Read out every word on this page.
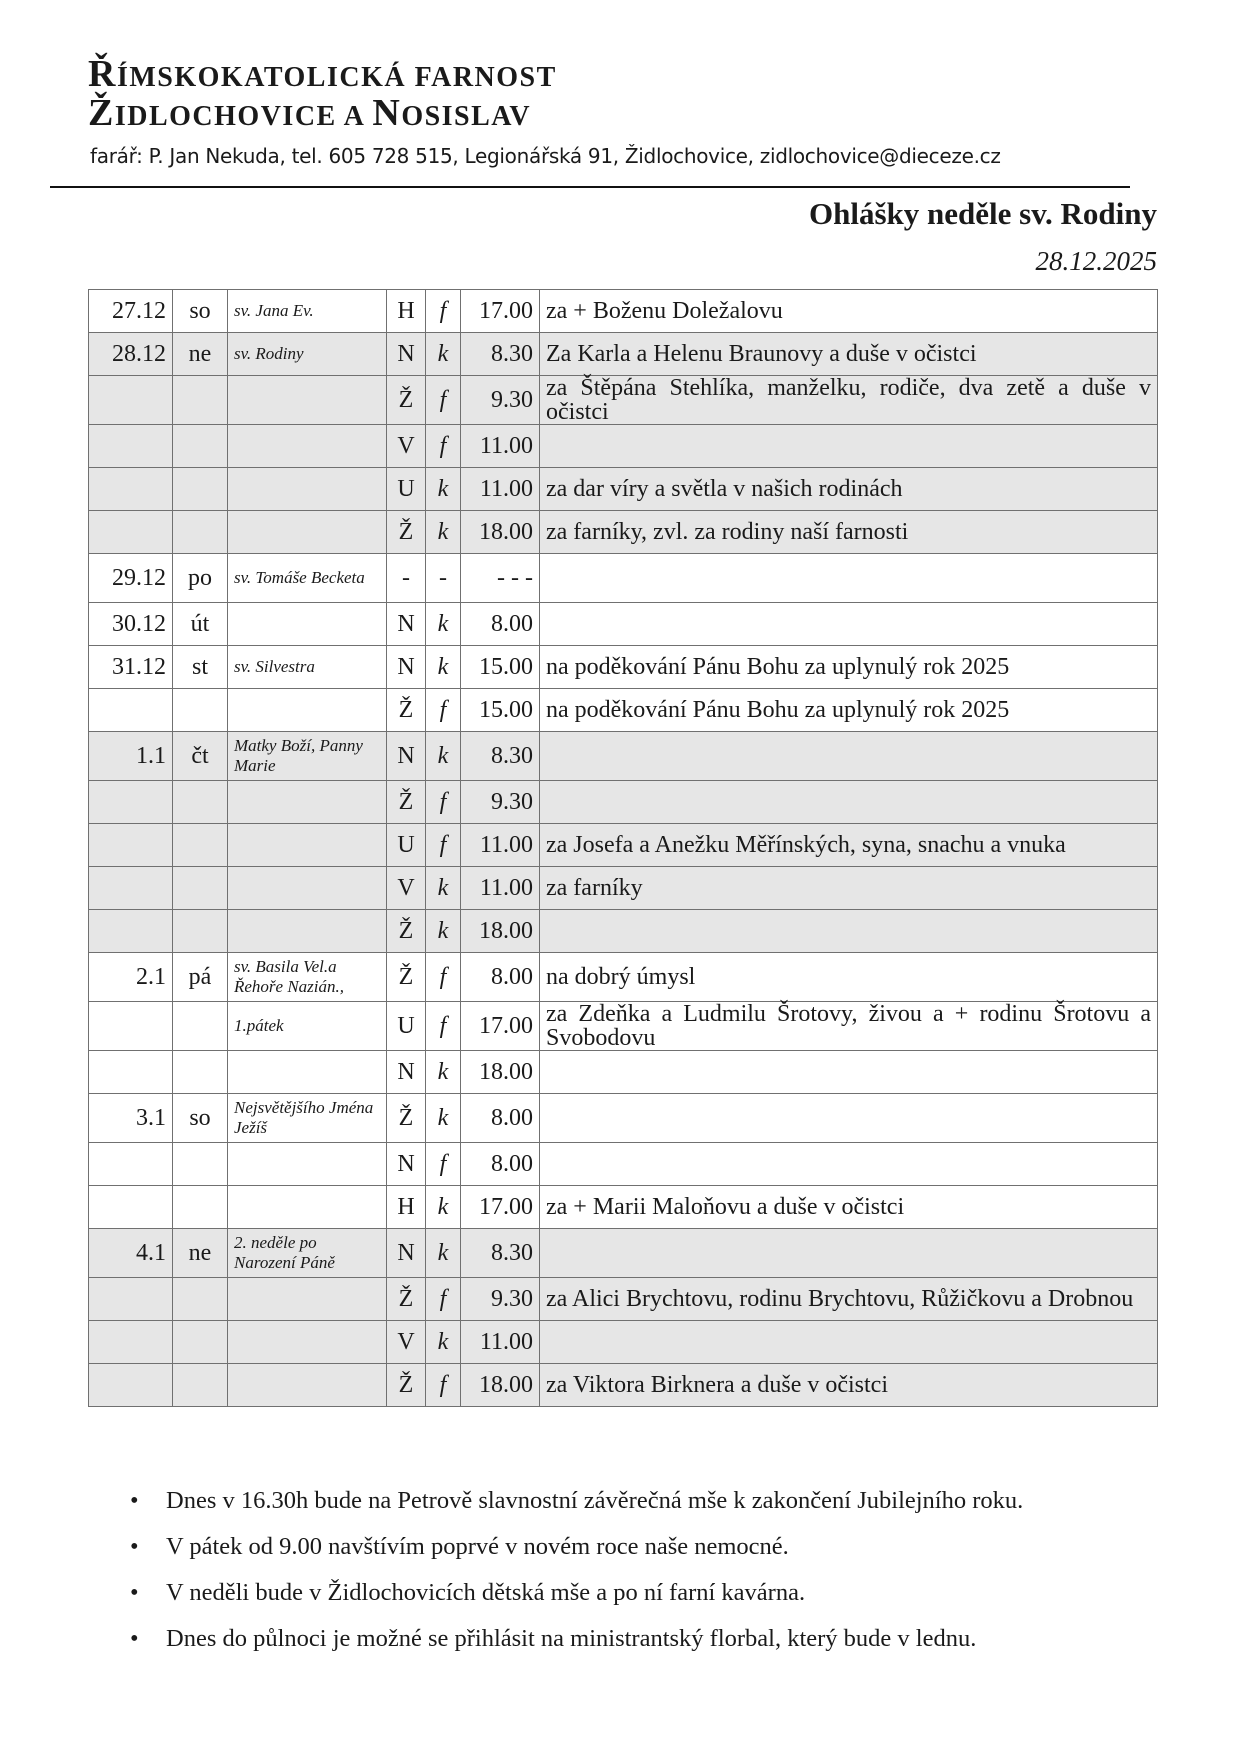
ŘÍMSKOKATOLICKÁ FARNOST
ŽIDLOCHOVICE A NOSISLAV
farář: P. Jan Nekuda, tel. 605 728 515, Legionářská 91, Židlochovice, zidlochovice@dieceze.cz
Ohlášky neděle sv. Rodiny
28.12.2025
27.12	so	sv. Jana Ev.	H	f	17.00	za + Boženu Doležalovu
28.12	ne	sv. Rodiny	N	k	8.30	Za Karla a Helenu Braunovy a duše v očistci
			Ž	f	9.30	za Štěpána Stehlíka, manželku, rodiče, dva zetě a duše v očistci
			V	f	11.00	
			U	k	11.00	za dar víry a světla v našich rodinách
			Ž	k	18.00	za farníky, zvl. za rodiny naší farnosti
29.12	po	sv. Tomáše Becketa	-	-	- - -	
30.12	út		N	k	8.00	
31.12	st	sv. Silvestra	N	k	15.00	na poděkování Pánu Bohu za uplynulý rok 2025
			Ž	f	15.00	na poděkování Pánu Bohu za uplynulý rok 2025
1.1	čt	Matky Boží, Panny Marie	N	k	8.30	
			Ž	f	9.30	
			U	f	11.00	za Josefa a Anežku Měřínských, syna, snachu a vnuka
			V	k	11.00	za farníky
			Ž	k	18.00	
2.1	pá	sv. Basila Vel.a Řehoře Nazián.,	Ž	f	8.00	na dobrý úmysl
		1.pátek	U	f	17.00	za Zdeňka a Ludmilu Šrotovy, živou a + rodinu Šrotovu a Svobodovu
			N	k	18.00	
3.1	so	Nejsvětějšího Jména Ježíš	Ž	k	8.00	
			N	f	8.00	
			H	k	17.00	za + Marii Maloňovu a duše v očistci
4.1	ne	2. neděle po Narození Páně	N	k	8.30	
			Ž	f	9.30	za Alici Brychtovu, rodinu Brychtovu, Růžičkovu a Drobnou
			V	k	11.00	
			Ž	f	18.00	za Viktora Birknera a duše v očistci
• Dnes v 16.30h bude na Petrově slavnostní závěrečná mše k zakončení Jubilejního roku.
• V pátek od 9.00 navštívím poprvé v novém roce naše nemocné.
• V neděli bude v Židlochovicích dětská mše a po ní farní kavárna.
• Dnes do půlnoci je možné se přihlásit na ministrantský florbal, který bude v lednu.
